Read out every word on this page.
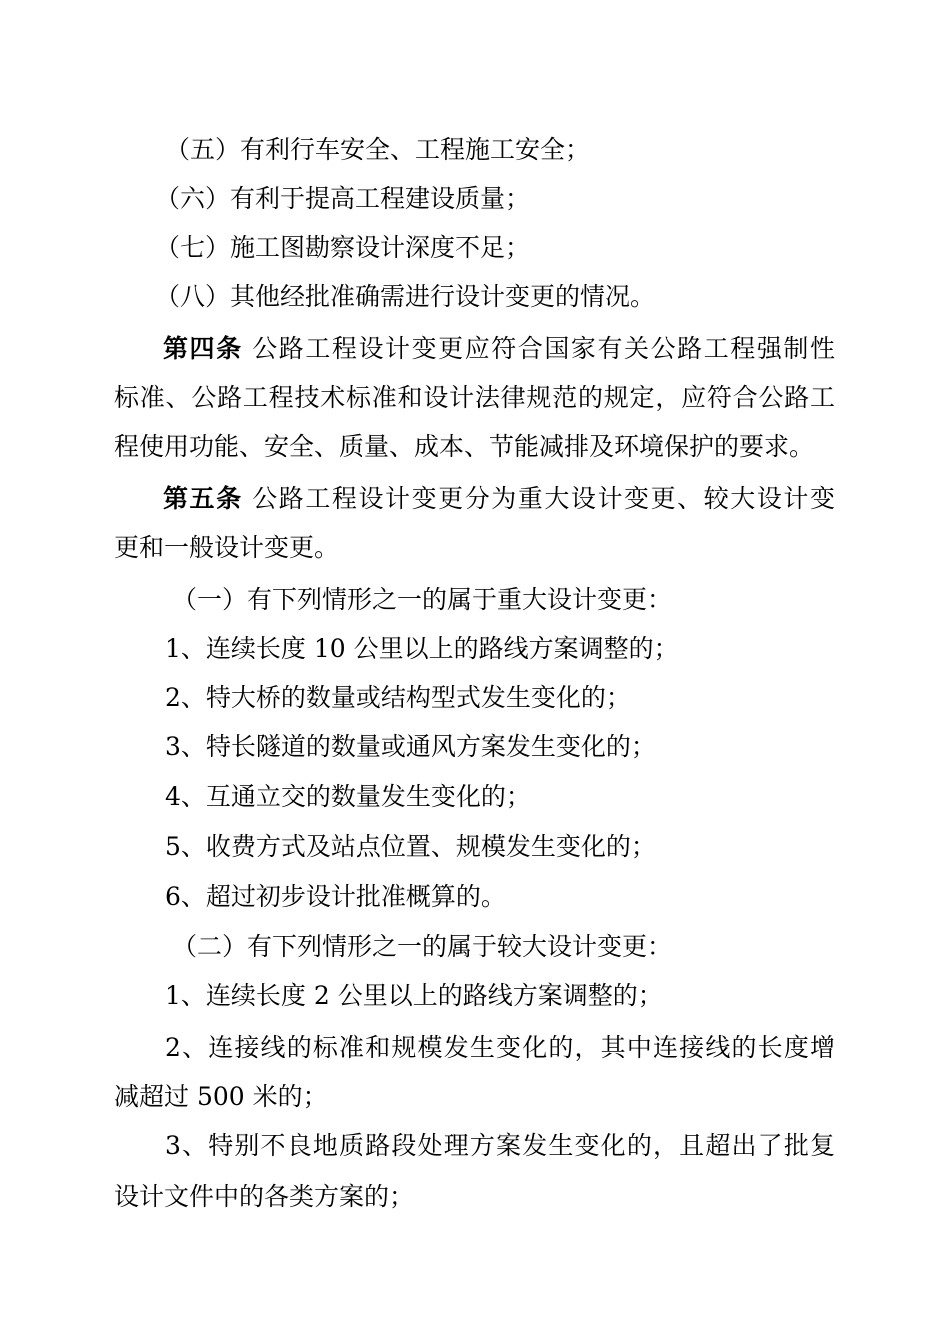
（五）有利行车安全、工程施工安全；
（六）有利于提高工程建设质量；
（七）施工图勘察设计深度不足；
（八）其他经批准确需进行设计变更的情况。
第四条 公路工程设计变更应符合国家有关公路工程强制性
标准、公路工程技术标准和设计法律规范的规定，应符合公路工
程使用功能、安全、质量、成本、节能减排及环境保护的要求。
第五条 公路工程设计变更分为重大设计变更、较大设计变
更和一般设计变更。
（一）有下列情形之一的属于重大设计变更：
1、连续长度 10 公里以上的路线方案调整的；
2、特大桥的数量或结构型式发生变化的；
3、特长隧道的数量或通风方案发生变化的；
4、互通立交的数量发生变化的；
5、收费方式及站点位置、规模发生变化的；
6、超过初步设计批准概算的。
（二）有下列情形之一的属于较大设计变更：
1、连续长度 2 公里以上的路线方案调整的；
2、连接线的标准和规模发生变化的，其中连接线的长度增
减超过 500 米的；
3、特别不良地质路段处理方案发生变化的，且超出了批复
设计文件中的各类方案的；
